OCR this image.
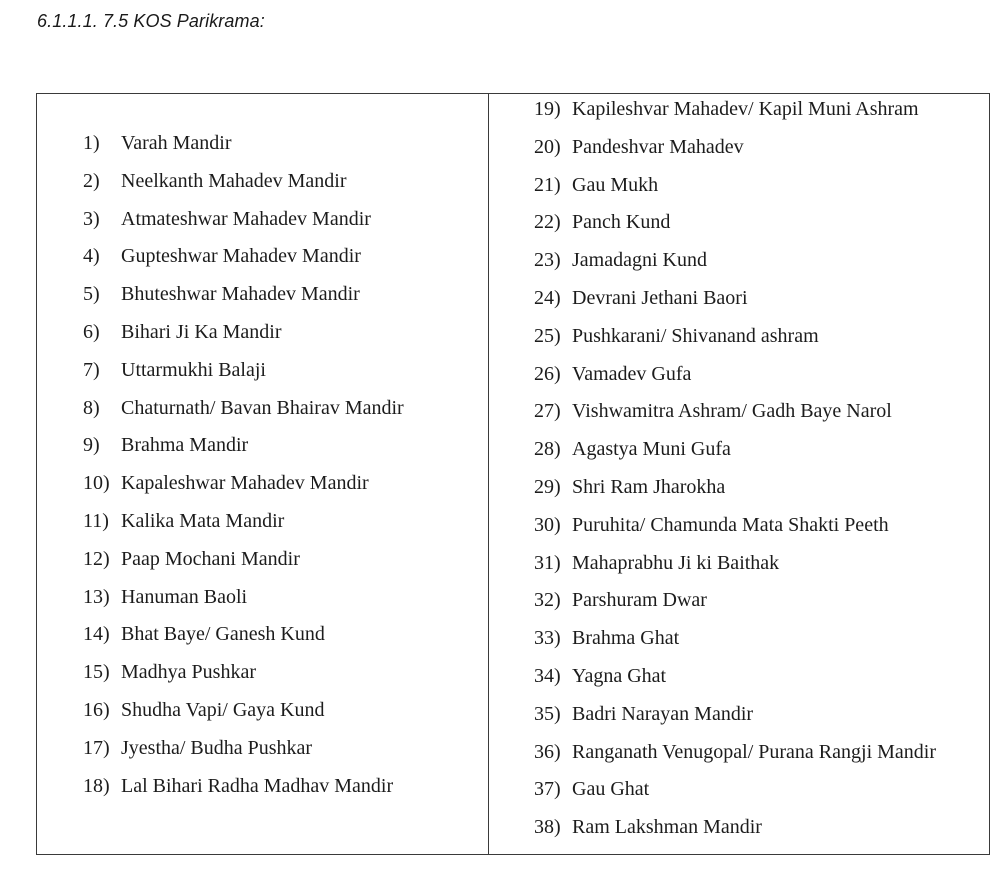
6.1.1.1. 7.5 KOS Parikrama:
1) Varah Mandir
2) Neelkanth Mahadev Mandir
3) Atmateshwar Mahadev Mandir
4) Gupteshwar Mahadev Mandir
5) Bhuteshwar Mahadev Mandir
6) Bihari Ji Ka Mandir
7) Uttarmukhi Balaji
8) Chaturnath/ Bavan Bhairav Mandir
9) Brahma Mandir
10) Kapaleshwar Mahadev Mandir
11) Kalika Mata Mandir
12) Paap Mochani Mandir
13) Hanuman Baoli
14) Bhat Baye/ Ganesh Kund
15) Madhya Pushkar
16) Shudha Vapi/ Gaya Kund
17) Jyestha/ Budha Pushkar
18) Lal Bihari Radha Madhav Mandir
19) Kapileshvar Mahadev/ Kapil Muni Ashram
20) Pandeshvar Mahadev
21) Gau Mukh
22) Panch Kund
23) Jamadagni Kund
24) Devrani Jethani Baori
25) Pushkarani/ Shivanand ashram
26) Vamadev Gufa
27) Vishwamitra Ashram/ Gadh Baye Narol
28) Agastya Muni Gufa
29) Shri Ram Jharokha
30) Puruhita/ Chamunda Mata Shakti Peeth
31) Mahaprabhu Ji ki Baithak
32) Parshuram Dwar
33) Brahma Ghat
34) Yagna Ghat
35) Badri Narayan Mandir
36) Ranganath Venugopal/ Purana Rangji Mandir
37) Gau Ghat
38) Ram Lakshman Mandir
